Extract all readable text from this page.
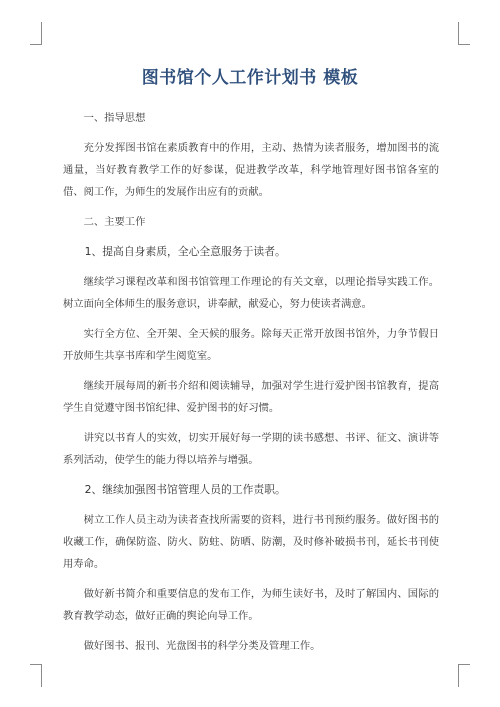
图书馆个人工作计划书 模板

一、指导思想

充分发挥图书馆在素质教育中的作用，主动、热情为读者服务，增加图书的流通量，当好教育教学工作的好参谋，促进教学改革，科学地管理好图书馆各室的借、阅工作，为师生的发展作出应有的贡献。

二、主要工作

1、提高自身素质，全心全意服务于读者。

继续学习课程改革和图书馆管理工作理论的有关文章，以理论指导实践工作。树立面向全体师生的服务意识，讲奉献，献爱心，努力使读者满意。

实行全方位、全开架、全天候的服务。除每天正常开放图书馆外，力争节假日开放师生共享书库和学生阅览室。

继续开展每周的新书介绍和阅读辅导，加强对学生进行爱护图书馆教育，提高学生自觉遵守图书馆纪律、爱护图书的好习惯。

讲究以书育人的实效，切实开展好每一学期的读书感想、书评、征文、演讲等系列活动，使学生的能力得以培养与增强。

2、继续加强图书馆管理人员的工作责职。

树立工作人员主动为读者查找所需要的资料，进行书刊预约服务。做好图书的收藏工作，确保防盗、防火、防蛀、防晒、防潮，及时修补破损书刊，延长书刊使用寿命。

做好新书简介和重要信息的发布工作，为师生读好书，及时了解国内、国际的教育教学动态，做好正确的舆论向导工作。

做好图书、报刊、光盘图书的科学分类及管理工作。
